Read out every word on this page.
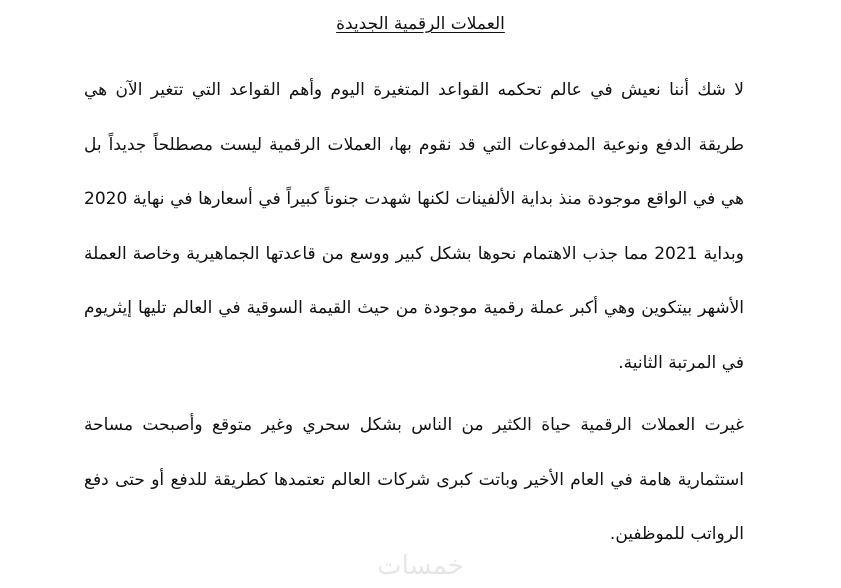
العملات الرقمية الجديدة

لا شك أننا نعيش في عالم تحكمه القواعد المتغيرة اليوم وأهم القواعد التي تتغير الآن هي طريقة الدفع ونوعية المدفوعات التي قد نقوم بها، العملات الرقمية ليست مصطلحاً جديداً بل هي في الواقع موجودة منذ بداية الألفينات لكنها شهدت جنوناً كبيراً في أسعارها في نهاية 2020 وبداية 2021 مما جذب الاهتمام نحوها بشكل كبير ووسع من قاعدتها الجماهيرية وخاصة العملة الأشهر بيتكوين وهي أكبر عملة رقمية موجودة من حيث القيمة السوقية في العالم تليها إيثريوم في المرتبة الثانية.

غيرت العملات الرقمية حياة الكثير من الناس بشكل سحري وغير متوقع وأصبحت مساحة استثمارية هامة في العام الأخير وباتت كبرى شركات العالم تعتمدها كطريقة للدفع أو حتى دفع الرواتب للموظفين.

خمسات
